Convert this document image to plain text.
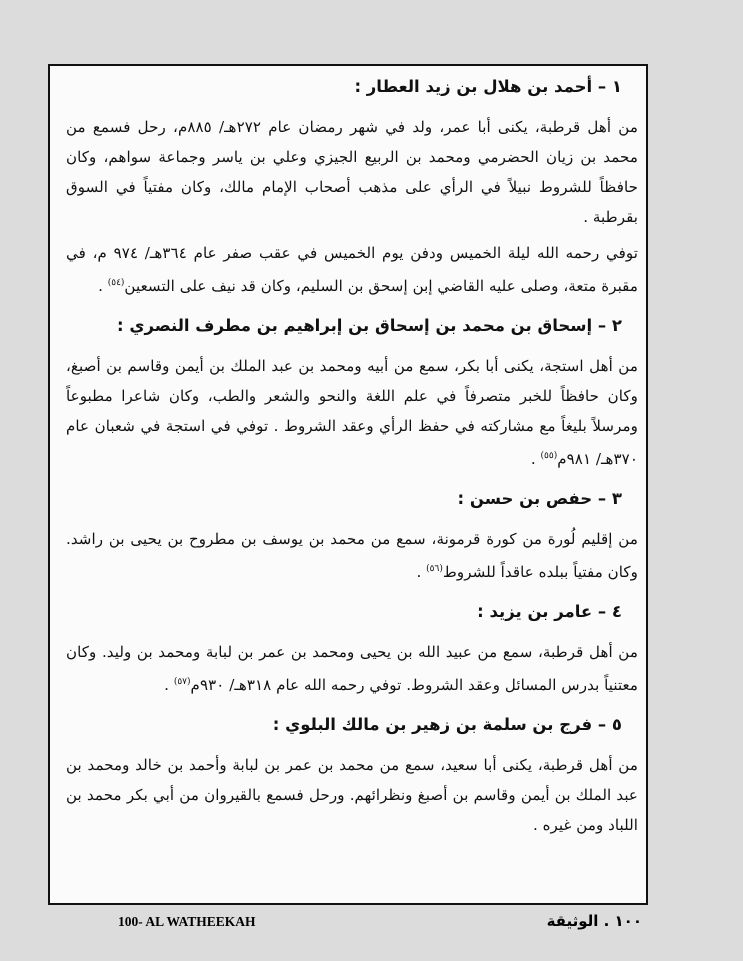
١ – أحمد بن هلال بن زيد العطار :

من أهل قرطبة، يكنى أبا عمر، ولد في شهر رمضان عام ٢٧٢هـ/ ٨٨٥م، رحل فسمع من محمد بن زيان الحضرمي ومحمد بن الربيع الجيزي وعلي بن ياسر وجماعة سواهم، وكان حافظاً للشروط نبيلاً في الرأي على مذهب أصحاب الإمام مالك، وكان مفتياً في السوق بقرطبة .

توفي رحمه الله ليلة الخميس ودفن يوم الخميس في عقب صفر عام ٣٦٤هـ/ ٩٧٤ م، في مقبرة متعة، وصلى عليه القاضي إبن إسحق بن السليم، وكان قد نيف على التسعين$^{(٥٤)}$ .

٢ – إسحاق بن محمد بن إسحاق بن إبراهيم بن مطرف النصري :

من أهل استجة، يكنى أبا بكر، سمع من أبيه ومحمد بن عبد الملك بن أيمن وقاسم بن أصبغ، وكان حافظاً للخبر متصرفاً في علم اللغة والنحو والشعر والطب، وكان شاعرا مطبوعاً ومرسلاً بليغاً مع مشاركته في حفظ الرأي وعقد الشروط . توفي في استجة في شعبان عام ٣٧٠هـ/ ٩٨١م$^{(٥٥)}$ .

٣ – حفص بن حسن :

من إقليم لُورة من كورة قرمونة، سمع من محمد بن يوسف بن مطروح بن يحيى بن راشد. وكان مفتياً ببلده عاقداً للشروط$^{(٥٦)}$ .

٤ – عامر بن يزيد :

من أهل قرطبة، سمع من عبيد الله بن يحيى ومحمد بن عمر بن لبابة ومحمد بن وليد. وكان معتنياً بدرس المسائل وعقد الشروط. توفي رحمه الله عام ٣١٨هـ/ ٩٣٠م$^{(٥٧)}$ .

٥ – فرج بن سلمة بن زهير بن مالك البلوي :

من أهل قرطبة، يكنى أبا سعيد، سمع من محمد بن عمر بن لبابة وأحمد بن خالد ومحمد بن عبد الملك بن أيمن وقاسم بن أصبغ ونظرائهم. ورحل فسمع بالقيروان من أبي بكر محمد بن اللباد ومن غيره .

100- AL WATHEEKAH	١٠٠ . الوثيقة
